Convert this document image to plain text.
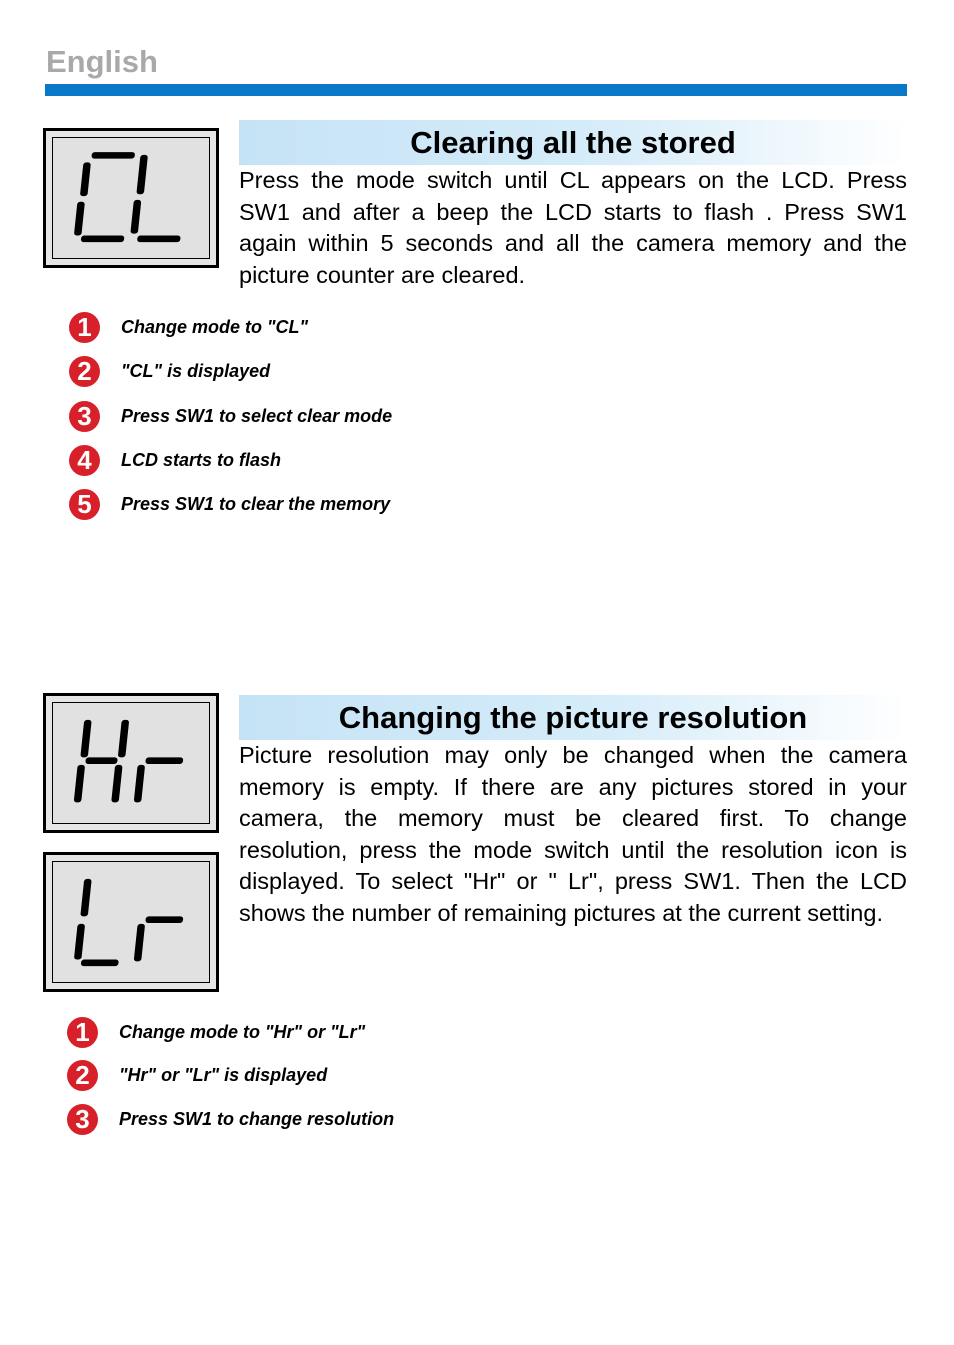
English
Clearing all the stored
Press the mode switch until CL appears on the LCD. Press SW1 and after a beep the LCD starts to flash . Press SW1 again within 5 seconds and all the camera memory and the picture counter are cleared.
1	Change mode to "CL"
2	"CL" is displayed
3	Press SW1 to select clear mode
4	LCD starts to flash
5	Press SW1 to clear the memory
Changing the picture resolution
Picture resolution may only be changed when the camera memory is empty. If there are any pictures stored in your camera, the memory must be cleared first. To change resolution, press the mode switch until the resolution icon is displayed. To select "Hr" or " Lr", press SW1. Then the LCD shows the number of remaining pictures at the current setting.
1	Change mode to "Hr" or "Lr"
2	"Hr" or "Lr" is displayed
3	Press SW1 to change resolution
